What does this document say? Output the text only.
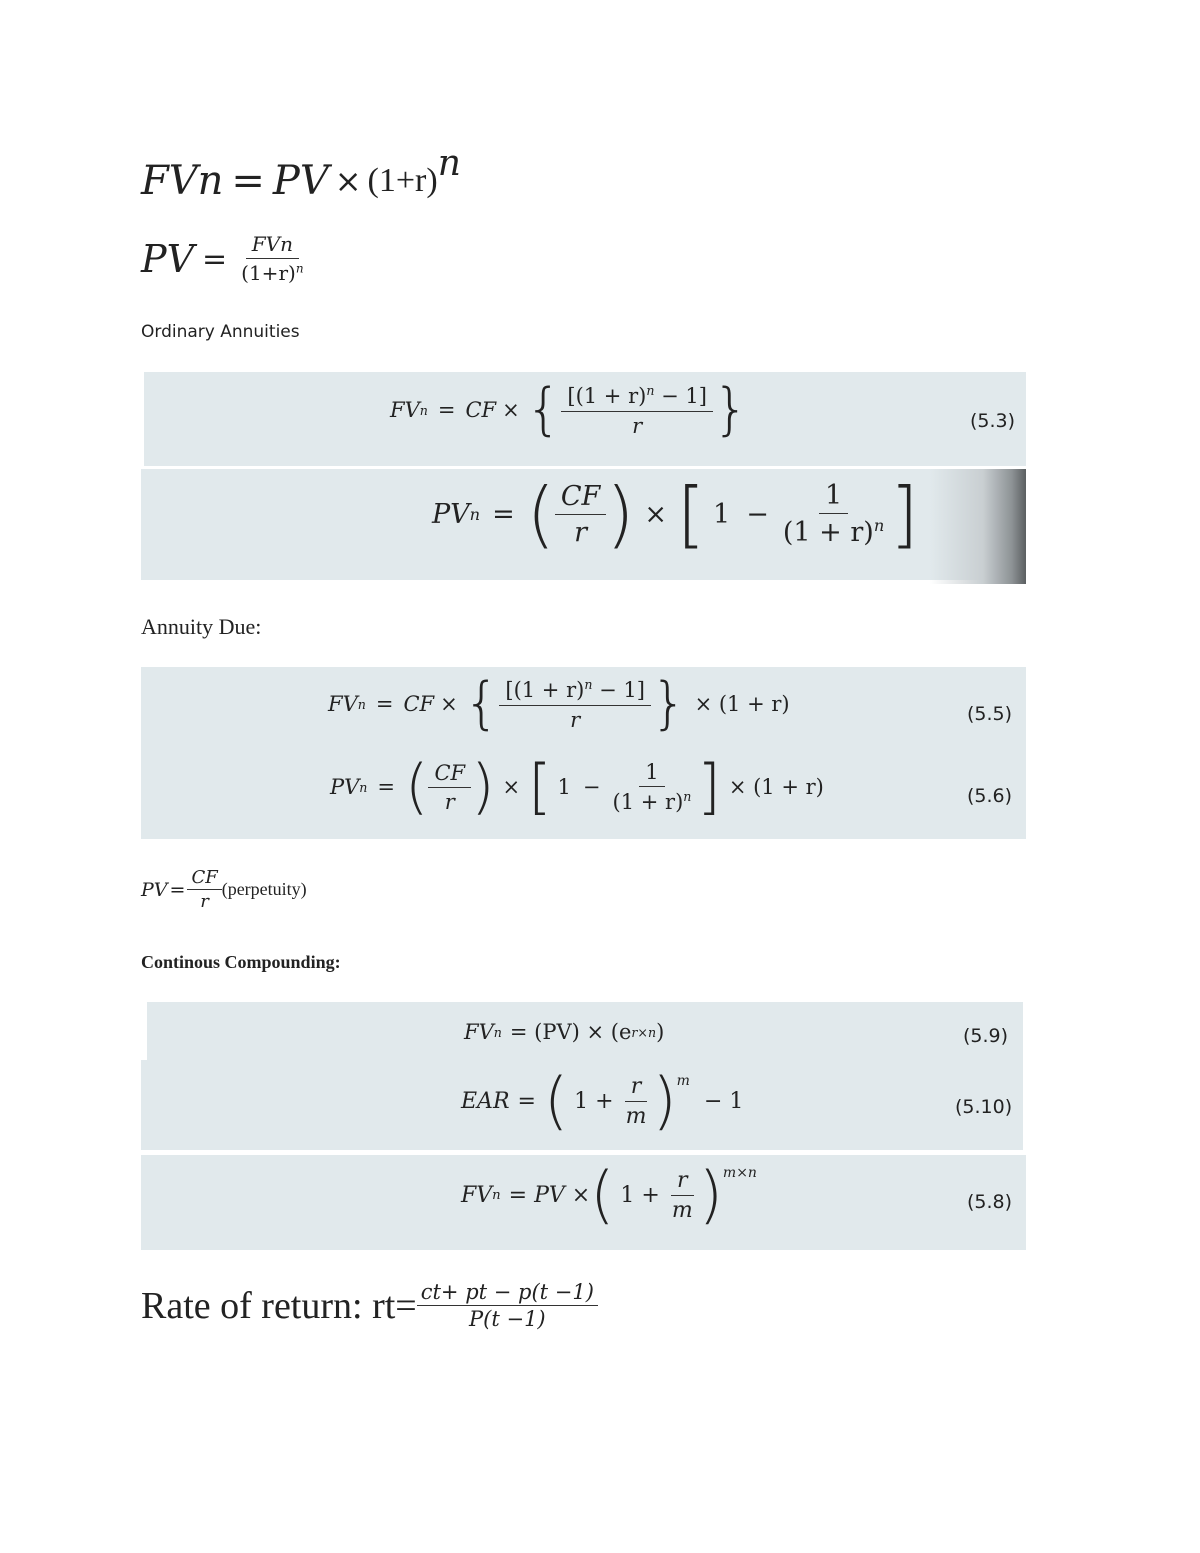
FVn = PV × (1+r) n
PV = $\frac{\text{FVn}}{(1+r)^n}$
Ordinary Annuities
FV n = CF × { $\frac{[(1 + r)^n - 1]}{r}$ }	(5.3)
PV n = ( $\frac{CF}{r}$ ) × [ $1 - \frac{1}{(1 + r)^n}$ ]
Annuity Due:
FV n = CF × { $\frac{[(1 + r)^n - 1]}{r}$ } × (1 + r)	(5.5)
PV n = ( $\frac{CF}{r}$ ) × [ $1 - \frac{1}{(1 + r)^n}$ ] × (1 + r)	(5.6)
PV = $\frac{CF}{r}$ (perpetuity)
Continous Compounding:
FV n = (PV) × (e r×n )	(5.9)
EAR = ( $1 + \frac{r}{m} )^m$
− 1	(5.10)
FV n = PV × ( $1 + \frac{r}{m} )^{m\times n}$
(5.8)
Rate of return: $rt= \frac{ct+ pt - p(t -1)}{P(t -1)}$
